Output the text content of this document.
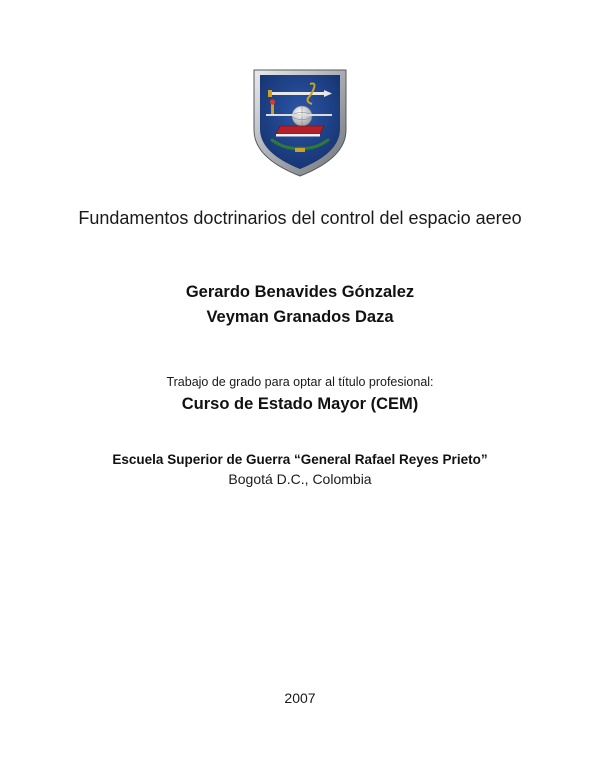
Fundamentos doctrinarios del control del espacio aereo
Gerardo Benavides Gónzalez
Veyman Granados Daza
Trabajo de grado para optar al título profesional:
Curso de Estado Mayor (CEM)
Escuela Superior de Guerra “General Rafael Reyes Prieto”
Bogotá D.C., Colombia
2007
